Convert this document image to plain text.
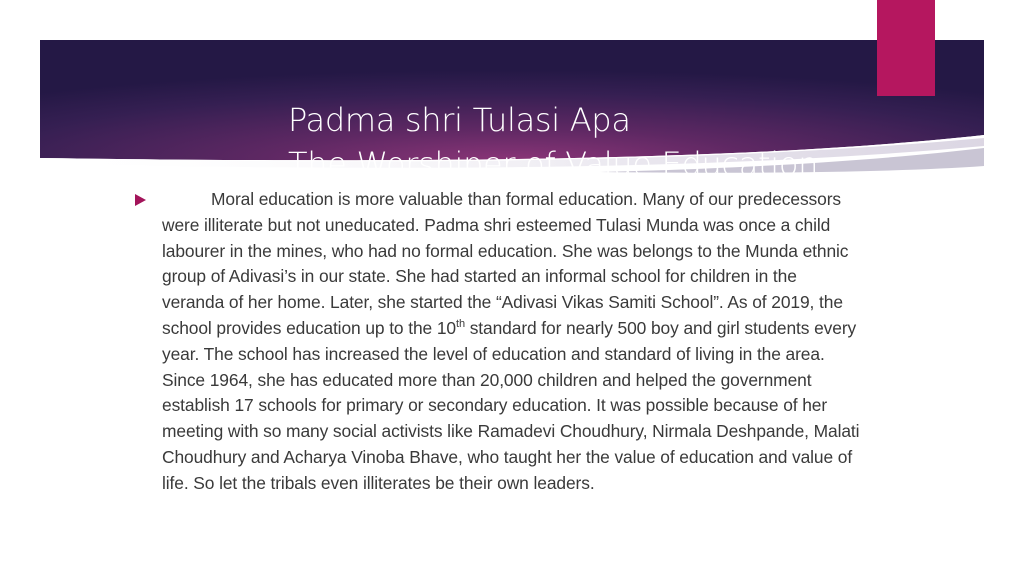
Padma shri Tulasi Apa
The Worshiper of Value Education

Moral education is more valuable than formal education. Many of our predecessors were illiterate but not uneducated. Padma shri esteemed Tulasi Munda was once a child labourer in the mines, who had no formal education. She was belongs to the Munda ethnic group of Adivasi’s in our state. She had started an informal school for children in the veranda of her home. Later, she started the “Adivasi Vikas Samiti School”. As of 2019, the school provides education up to the 10th standard for nearly 500 boy and girl students every year. The school has increased the level of education and standard of living in the area. Since 1964, she has educated more than 20,000 children and helped the government establish 17 schools for primary or secondary education. It was possible because of her meeting with so many social activists like Ramadevi Choudhury, Nirmala Deshpande, Malati Choudhury and Acharya Vinoba Bhave, who taught her the value of education and value of life. So let the tribals even illiterates be their own leaders.
